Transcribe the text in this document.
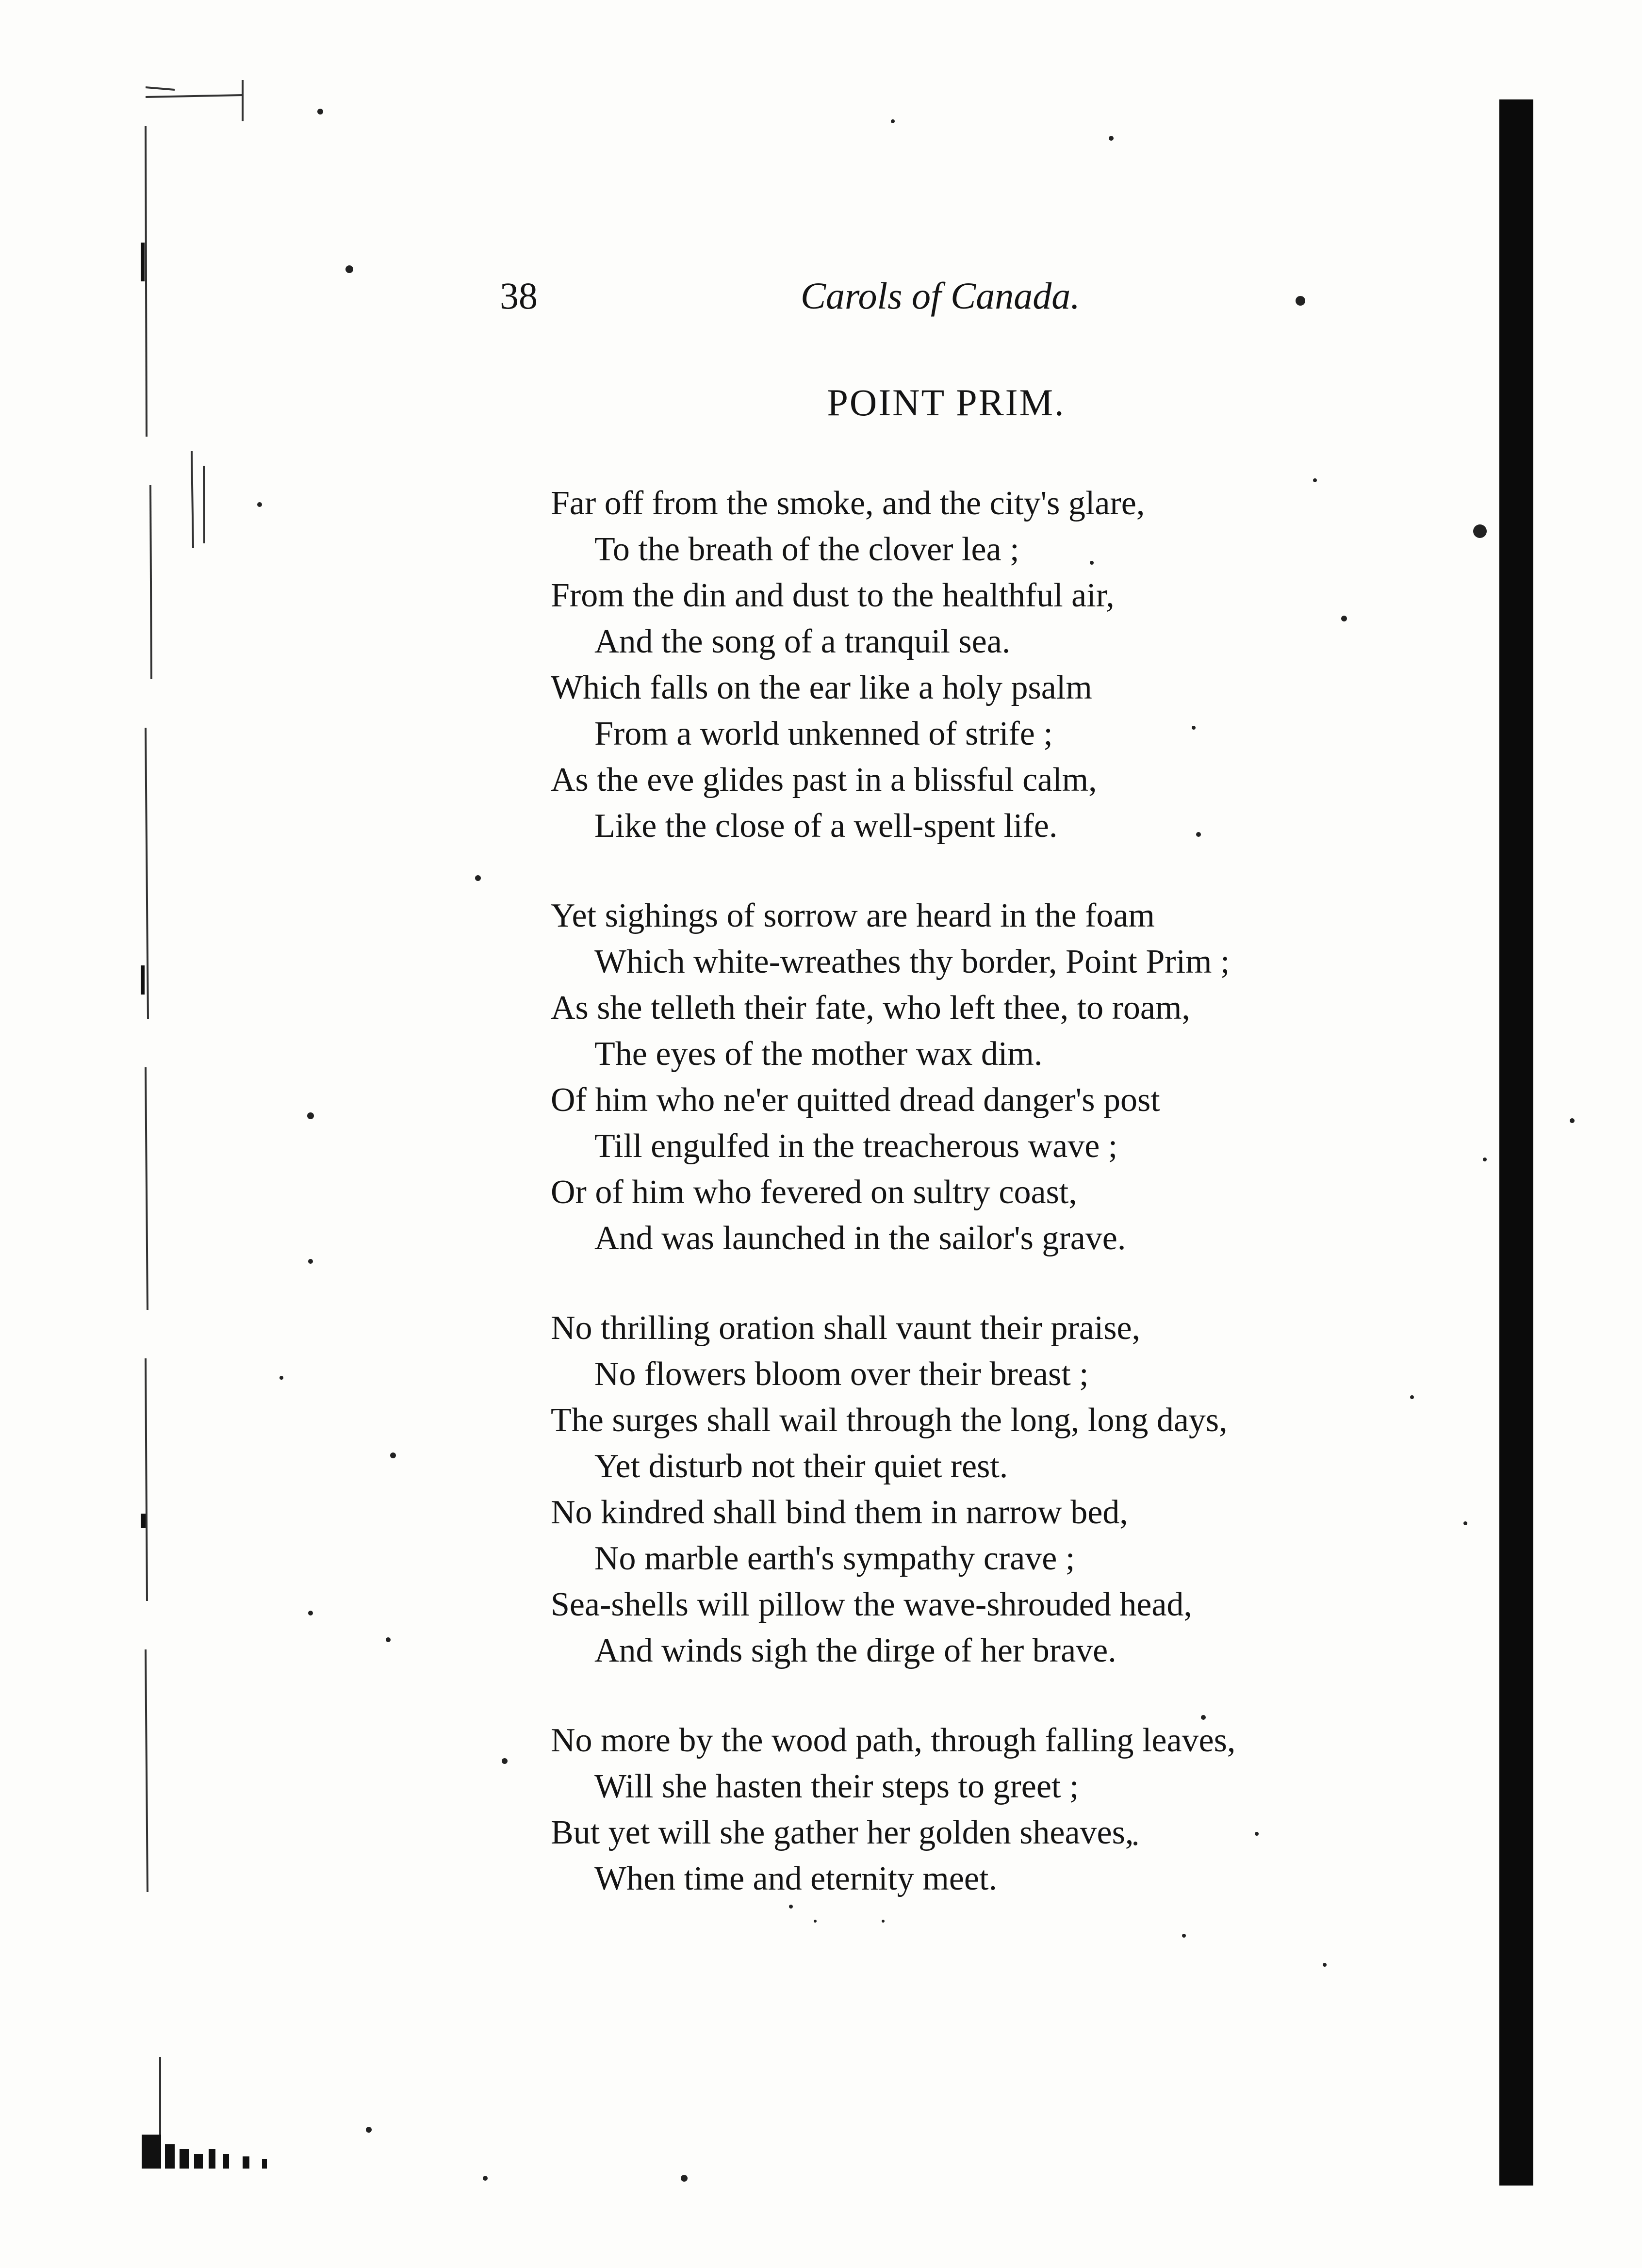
38	Carols of Canada.
POINT PRIM.
Far off from the smoke, and the city's glare,
To the breath of the clover lea ;
From the din and dust to the healthful air,
And the song of a tranquil sea.
Which falls on the ear like a holy psalm
From a world unkenned of strife ;
As the eve glides past in a blissful calm,
Like the close of a well-spent life.
Yet sighings of sorrow are heard in the foam
Which white-wreathes thy border, Point Prim ;
As she telleth their fate, who left thee, to roam,
The eyes of the mother wax dim.
Of him who ne'er quitted dread danger's post
Till engulfed in the treacherous wave ;
Or of him who fevered on sultry coast,
And was launched in the sailor's grave.
No thrilling oration shall vaunt their praise,
No flowers bloom over their breast ;
The surges shall wail through the long, long days,
Yet disturb not their quiet rest.
No kindred shall bind them in narrow bed,
No marble earth's sympathy crave ;
Sea-shells will pillow the wave-shrouded head,
And winds sigh the dirge of her brave.
No more by the wood path, through falling leaves,
Will she hasten their steps to greet ;
But yet will she gather her golden sheaves,
When time and eternity meet.
